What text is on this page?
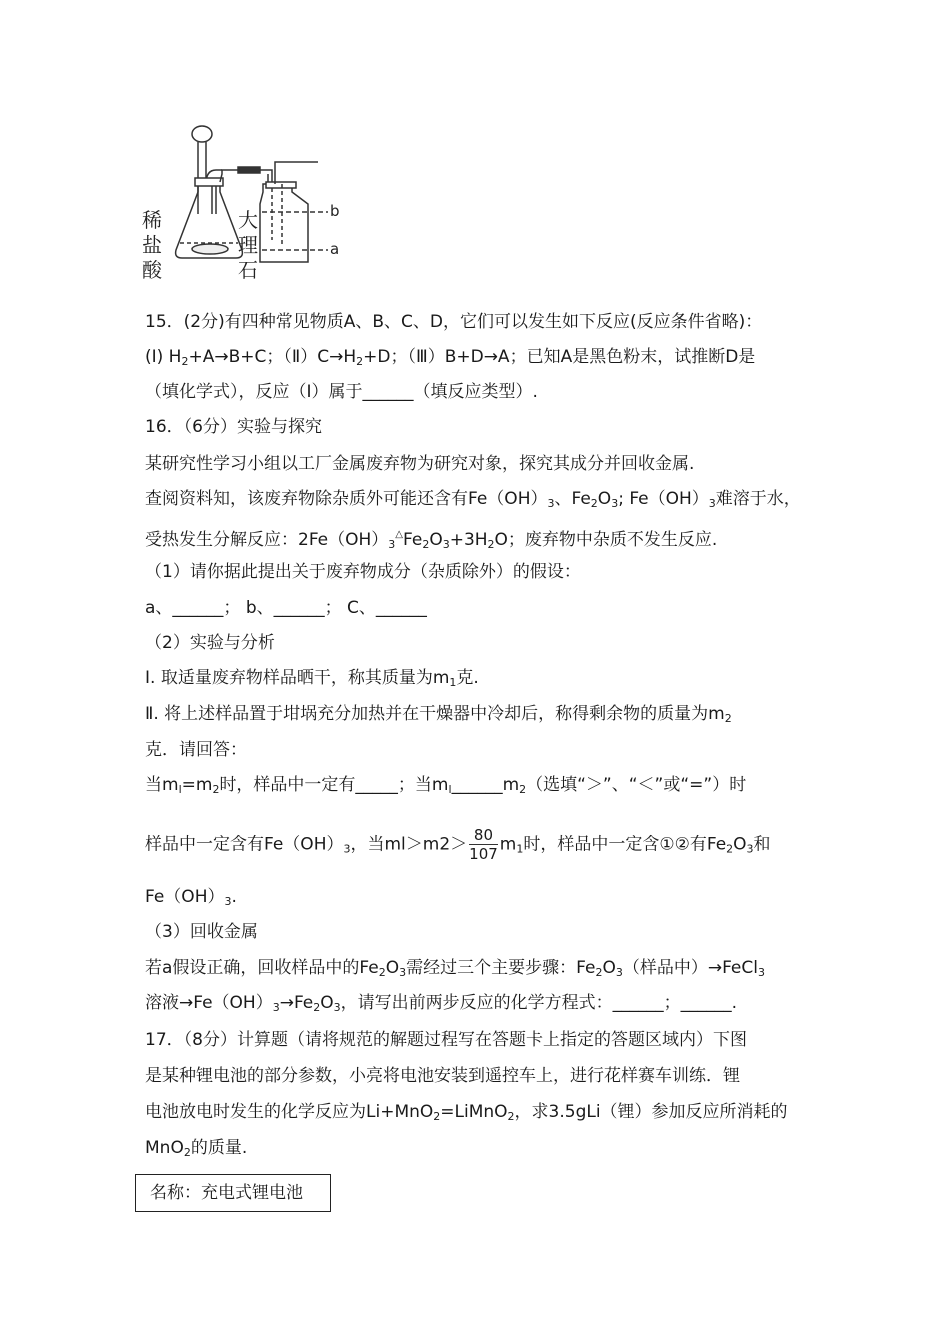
稀
盐
酸
大
理
石
b
a
15．(2分)有四种常见物质A、B、C、D，它们可以发生如下反应(反应条件省略)：
(Ⅰ) $H_2+A\to B+C$；$(Ⅱ)C\to H_2+D$；（Ⅲ）B+D→A；已知A是黑色粉末，试推断D是
（填化学式），反应（Ⅰ）属于______（填反应类型）.
16．（6分）实验与探究
某研究性学习小组以工厂金属废弃物为研究对象，探究其成分并回收金属.
查阅资料知，该废弃物除杂质外可能还含有$Fe(OH)_3$、$Fe_2O_3$; $Fe(OH)_3$难溶于水，
受热发生分解反应：$2Fe(OH)_3^\triangle Fe_2O_3+3H_2O$；废弃物中杂质不发生反应.
（1）请你据此提出关于废弃物成分（杂质除外）的假设：
a、______； b、______； C、______
（2）实验与分析
Ⅰ. 取适量废弃物样品晒干，称其质量为$m_1$克.
Ⅱ. 将上述样品置于坩埚充分加热并在干燥器中冷却后，称得剩余物的质量为$m_2$
克．请回答：
当$m_l=m_2$时，样品中一定有_____；当$m_l\_\_\_\_\_\_m_2$（选填“＞”、“＜”或“=”）时
样品中一定含有$Fe(OH)_3$，当$ml>m2> \frac{80}{107} m_1$时，样品中一定含①②有$Fe_2O_3$和
$Fe(OH)_3$.
（3）回收金属
若a假设正确，回收样品中的$Fe_2O_3$需经过三个主要步骤：$Fe_2O_3$（样品中）→FeCl$_3$
溶液$\to Fe(OH)_3\to Fe_2O_3$，请写出前两步反应的化学方程式：______；______.
17．（8分）计算题（请将规范的解题过程写在答题卡上指定的答题区域内）下图
是某种锂电池的部分参数，小亮将电池安装到遥控车上，进行花样赛车训练．锂
电池放电时发生的化学反应为Li+MnO$_2$=LiMnO$_2$，求3.5gLi（锂）参加反应所消耗的
MnO$_2$的质量.
名称：充电式锂电池
